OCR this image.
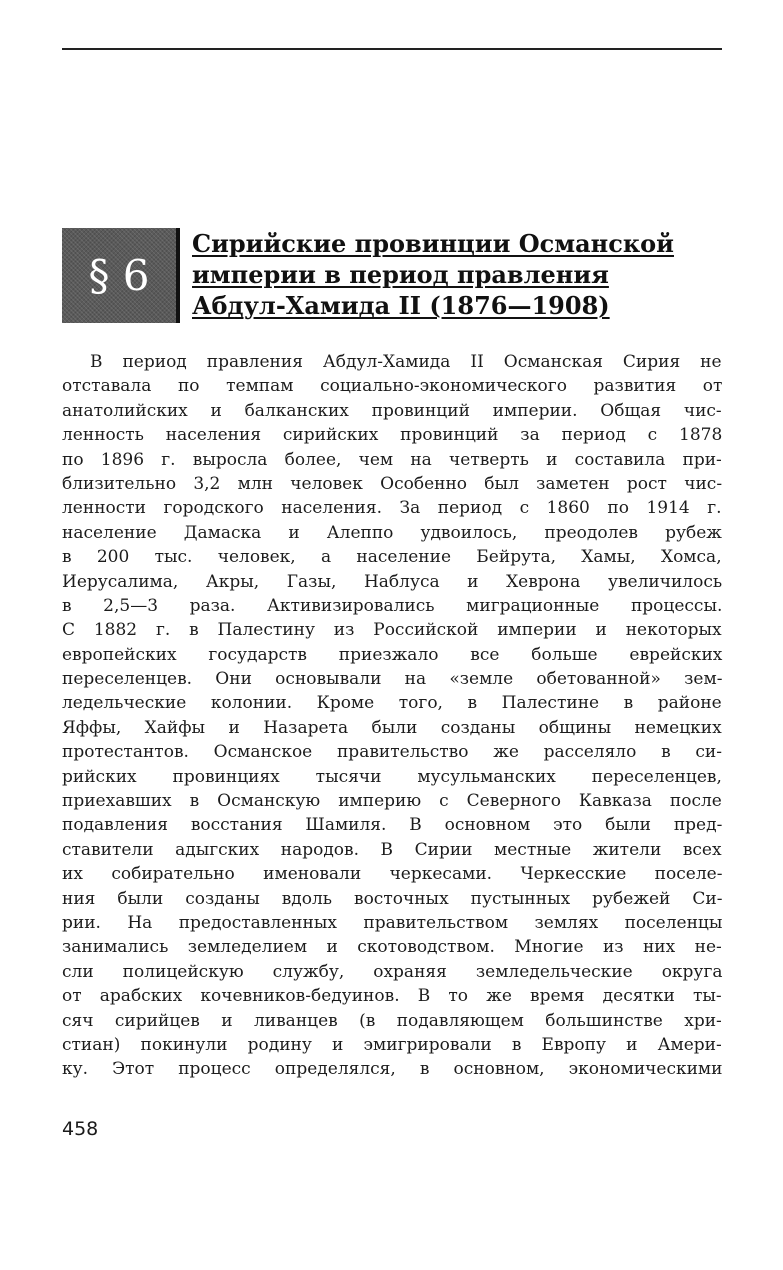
§ 6
Сирийские провинции Османской
империи в период правления
Абдул-Хамида II (1876—1908)
В период правления Абдул-Хамида II Османская Сирия не
отставала по темпам социально-экономического развития от
анатолийских и балканских провинций империи. Общая чис-
ленность населения сирийских провинций за период с 1878
по 1896 г. выросла более, чем на четверть и составила при-
близительно 3,2 млн человек Особенно был заметен рост чис-
ленности городского населения. За период с 1860 по 1914 г.
население Дамаска и Алеппо удвоилось, преодолев рубеж
в 200 тыс. человек, а население Бейрута, Хамы, Хомса,
Иерусалима, Акры, Газы, Наблуса и Хеврона увеличилось
в 2,5—3 раза. Активизировались миграционные процессы.
С 1882 г. в Палестину из Российской империи и некоторых
европейских государств приезжало все больше еврейских
переселенцев. Они основывали на «земле обетованной» зем-
ледельческие колонии. Кроме того, в Палестине в районе
Яффы, Хайфы и Назарета были созданы общины немецких
протестантов. Османское правительство же расселяло в си-
рийских провинциях тысячи мусульманских переселенцев,
приехавших в Османскую империю с Северного Кавказа после
подавления восстания Шамиля. В основном это были пред-
ставители адыгских народов. В Сирии местные жители всех
их собирательно именовали черкесами. Черкесские поселе-
ния были созданы вдоль восточных пустынных рубежей Си-
рии. На предоставленных правительством землях поселенцы
занимались земледелием и скотоводством. Многие из них не-
сли полицейскую службу, охраняя земледельческие округа
от арабских кочевников-бедуинов. В то же время десятки ты-
сяч сирийцев и ливанцев (в подавляющем большинстве хри-
стиан) покинули родину и эмигрировали в Европу и Амери-
ку. Этот процесс определялся, в основном, экономическими
458
